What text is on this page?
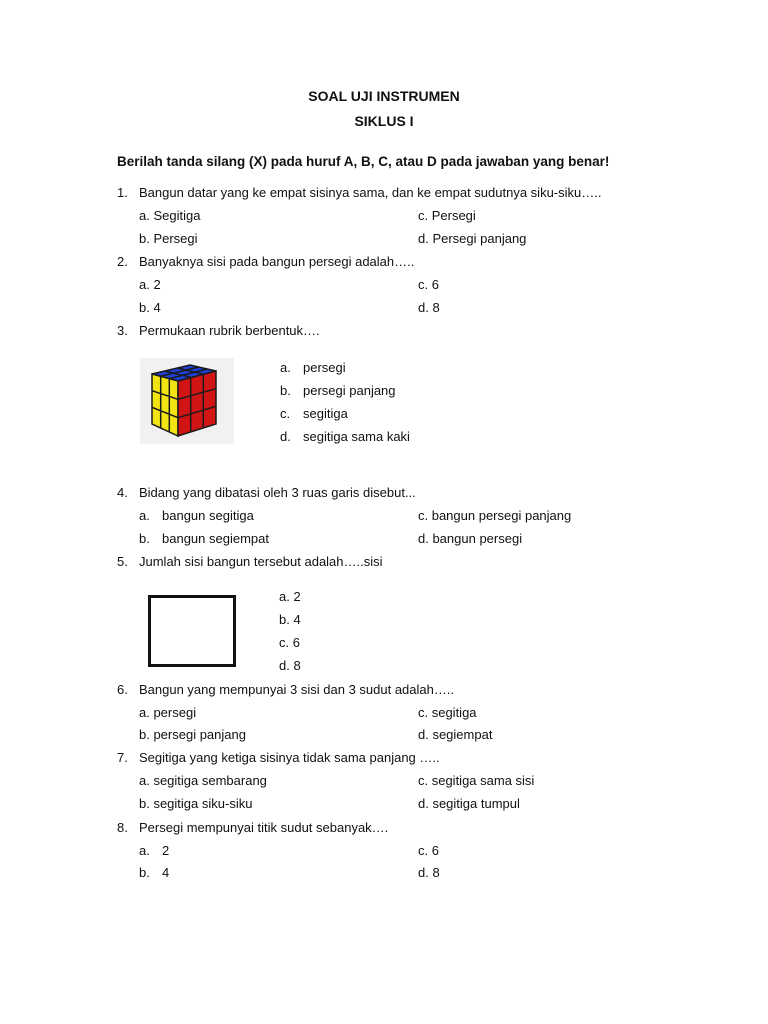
SOAL UJI INSTRUMEN
SIKLUS I
Berilah tanda silang (X) pada huruf A, B, C, atau D pada jawaban yang benar!
1. Bangun datar yang ke empat sisinya sama, dan ke empat sudutnya siku-siku…..
a. Segitiga	c. Persegi
b. Persegi	d. Persegi panjang
2. Banyaknya sisi pada bangun persegi adalah…..
a. 2	c. 6
b. 4	d. 8
3. Permukaan rubrik berbentuk….
a. persegi
b. persegi panjang
c. segitiga
d. segitiga sama kaki
4. Bidang yang dibatasi oleh 3 ruas garis disebut...
a. bangun segitiga	c. bangun persegi panjang
b. bangun segiempat	d. bangun persegi
5. Jumlah sisi bangun tersebut adalah…..sisi
a. 2
b. 4
c. 6
d. 8
6. Bangun yang mempunyai 3 sisi dan 3 sudut adalah…..
a. persegi	c. segitiga
b. persegi panjang	d. segiempat
7. Segitiga yang ketiga sisinya tidak sama panjang …..
a. segitiga sembarang	c. segitiga sama sisi
b. segitiga siku-siku	d. segitiga tumpul
8. Persegi mempunyai titik sudut sebanyak….
a. 2	c. 6
b. 4	d. 8
